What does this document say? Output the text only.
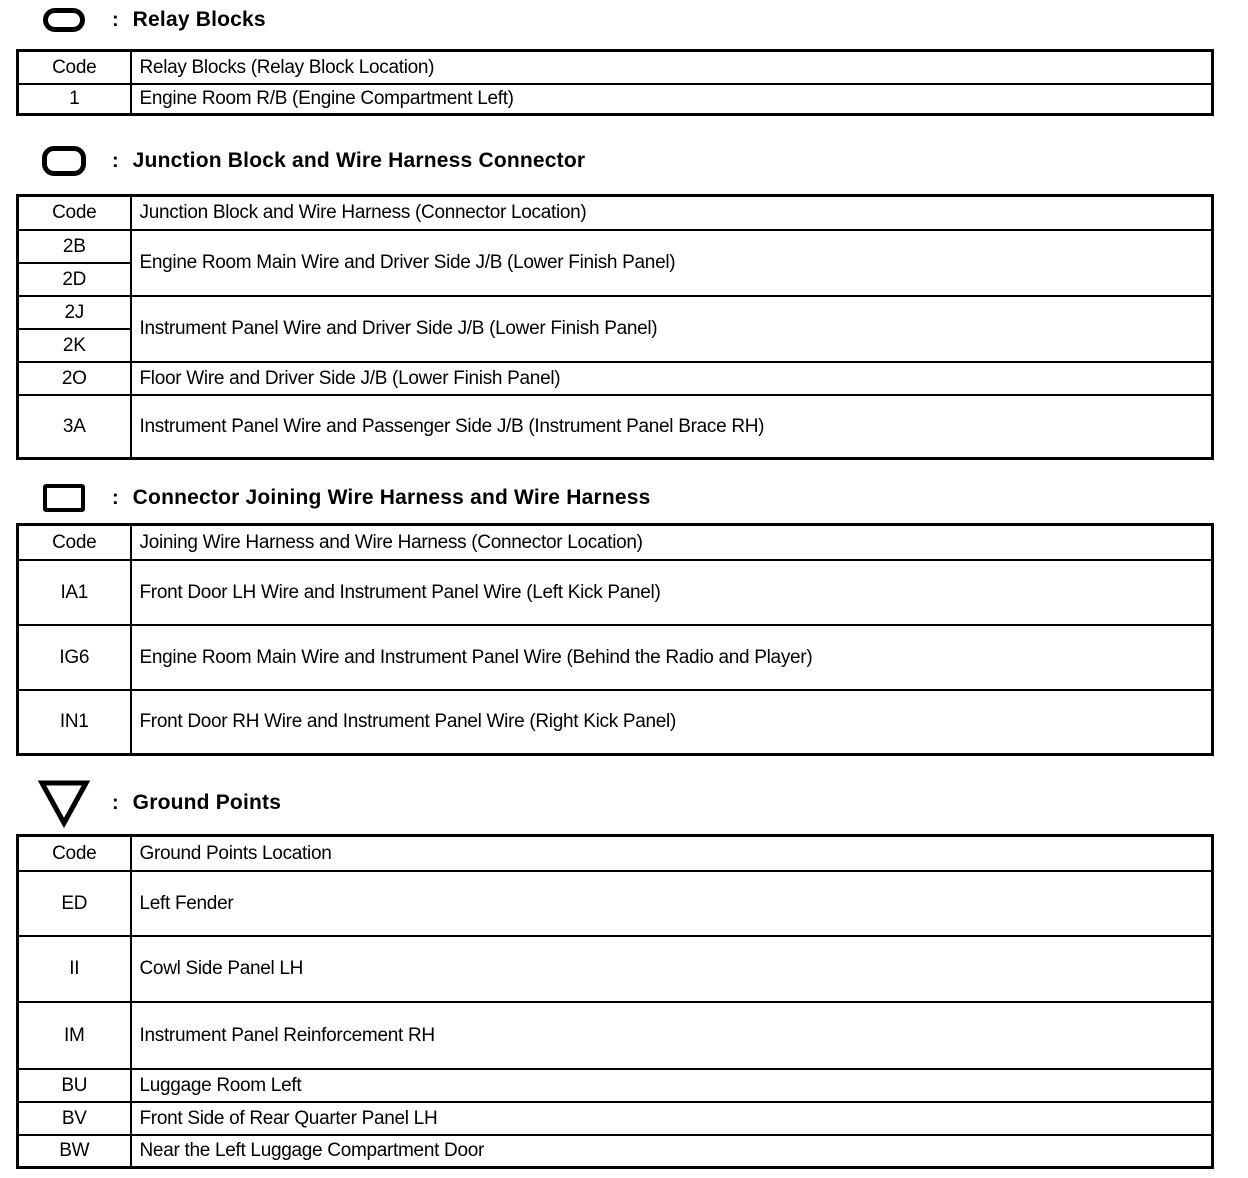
: Relay Blocks
Code	Relay Blocks (Relay Block Location)
1	Engine Room R/B (Engine Compartment Left)
: Junction Block and Wire Harness Connector
Code	Junction Block and Wire Harness (Connector Location)
2B	Engine Room Main Wire and Driver Side J/B (Lower Finish Panel)
2D	
2J	Instrument Panel Wire and Driver Side J/B (Lower Finish Panel)
2K	
2O	Floor Wire and Driver Side J/B (Lower Finish Panel)
3A	Instrument Panel Wire and Passenger Side J/B (Instrument Panel Brace RH)
: Connector Joining Wire Harness and Wire Harness
Code	Joining Wire Harness and Wire Harness (Connector Location)
IA1	Front Door LH Wire and Instrument Panel Wire (Left Kick Panel)
IG6	Engine Room Main Wire and Instrument Panel Wire (Behind the Radio and Player)
IN1	Front Door RH Wire and Instrument Panel Wire (Right Kick Panel)
: Ground Points
Code	Ground Points Location
ED	Left Fender
II	Cowl Side Panel LH
IM	Instrument Panel Reinforcement RH
BU	Luggage Room Left
BV	Front Side of Rear Quarter Panel LH
BW	Near the Left Luggage Compartment Door
